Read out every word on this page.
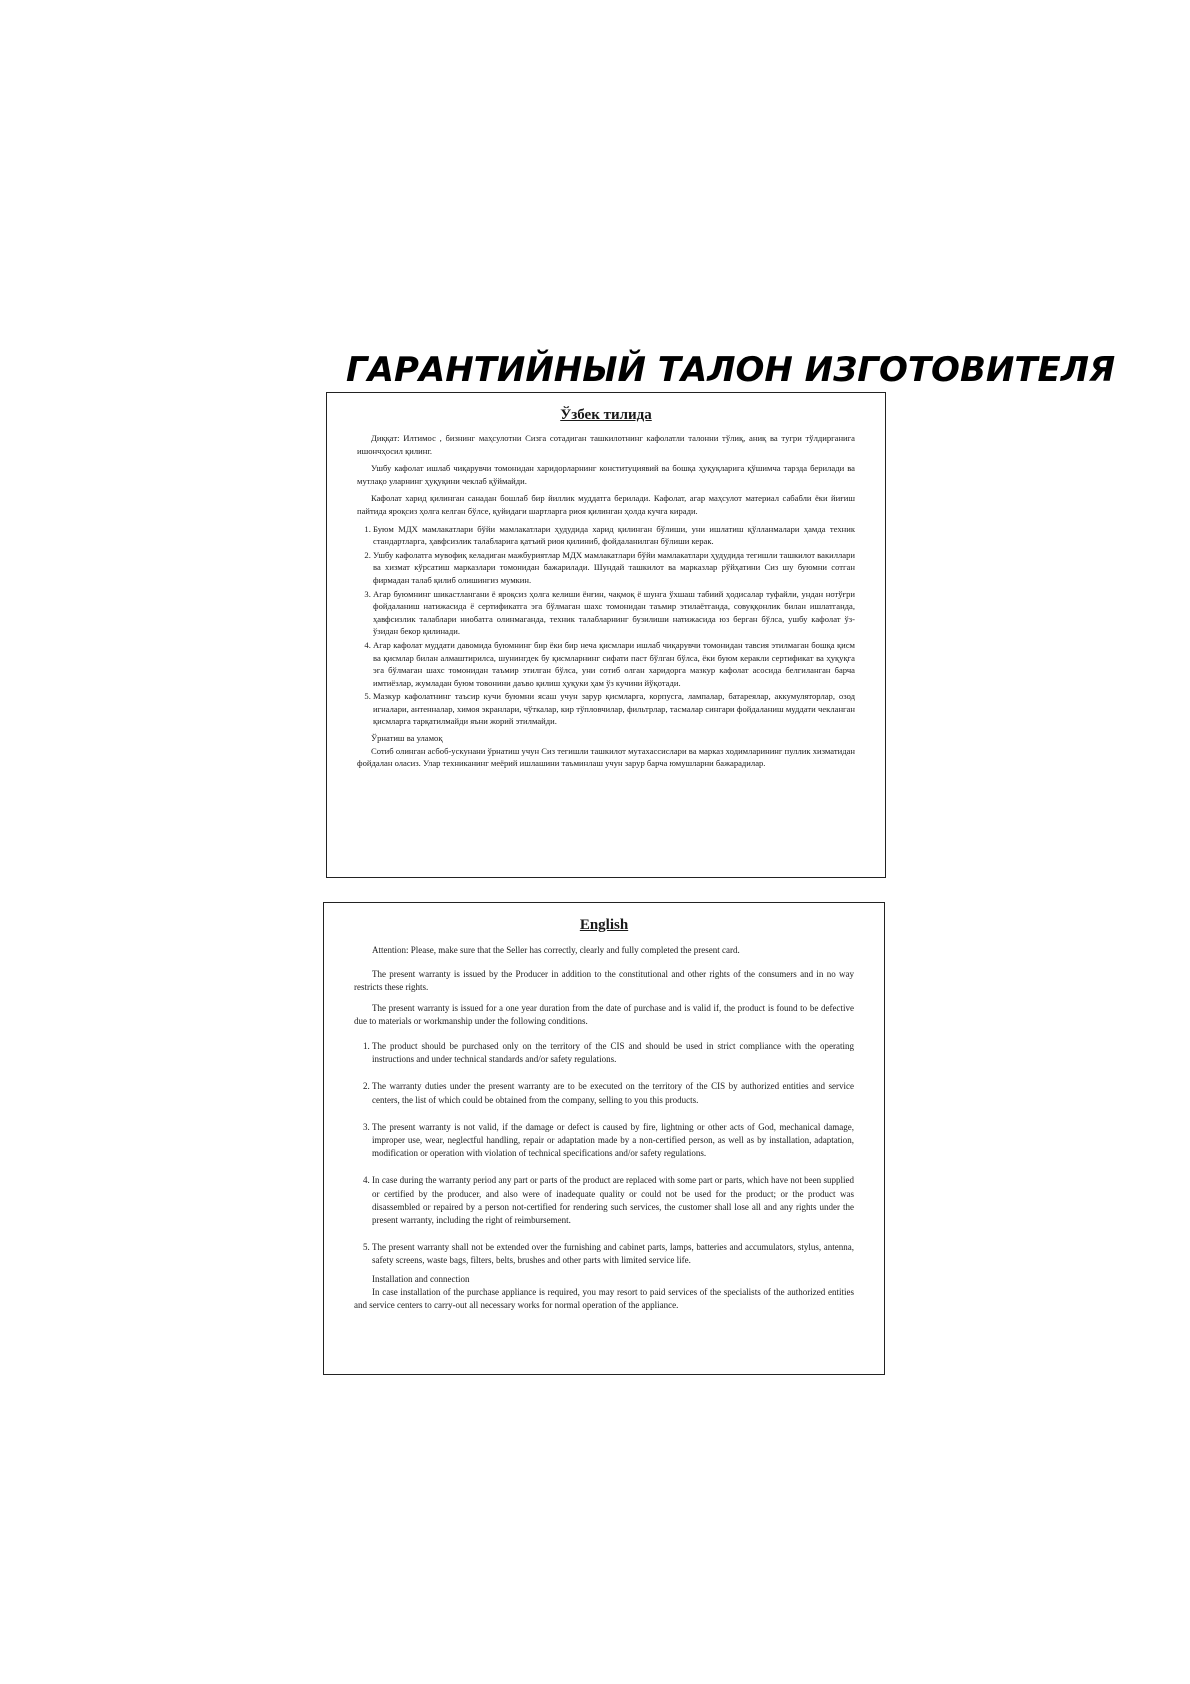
ГАРАНТИЙНЫЙ ТАЛОН ИЗГОТОВИТЕЛЯ
Ўзбек тилида

Диққат: Илтимос , бизнинг маҳсулотни Сизга сотадиган ташкилотнинг кафолатли талонни тўлиқ, аниқ ва тугри тўлдирганига ишончҳосил қилинг.

Ушбу кафолат ишлаб чиқарувчи томонидан харидорларнинг конституциявий ва бошқа ҳуқуқларига қўшимча тарзда берилади ва мутлақо уларнинг ҳуқуқини чеклаб қўймайди.

Кафолат харид қилинган санадан бошлаб бир йиллик муддатга берилади. Кафолат, агар маҳсулот материал сабабли ёки йиғиш пайтида яроқсиз ҳолга келган бўлсе, қуйидаги шартларга риоя қилинган ҳолда кучга киради.

1. Буюм МДХ мамлакатлари бўйи мамлакатлари ҳудудида харид қилинган бўлиши, уни ишлатиш қўлланмалари ҳамда техник стандартларга, ҳавфсизлик талабларига қатъий риоя қилиниб, фойдаланилган бўлиши керак.
2. Ушбу кафолатга мувофиқ келадиган мажбуриятлар МДХ мамлакатлари бўйи мамлакатлари ҳудудида тегишли ташкилот вакиллари ва хизмат кўрсатиш марказлари томонидан бажарилади. Шундай ташкилот ва марказлар рўйҳатини Сиз шу буюмни сотган фирмадан талаб қилиб олишингиз мумкин.
3. Агар буюмнинг шикастлангани ё яроқсиз ҳолга келиши ёнғин, чақмоқ ё шунга ўхшаш табиий ҳодисалар туфайли, ундан нотўғри фойдаланиш натижасида ё сертификатга эга бўлмаган шахс томонидан таъмир этилаётганда, совуққонлик билан ишлатганда, ҳавфсизлик талаблари ниобатга олинмаганда, техник талабларнинг бузилиши натижасида юз берган бўлса, ушбу кафолат ўз-ўзидан бекор қилинади.
4. Агар кафолат муддати давомида буюмнинг бир ёки бир неча қисмлари ишлаб чиқарувчи томонидан тавсия этилмаган бошқа қисм ва қисмлар билан алмаштирилса, шунингдек бу қисмларнинг сифати паст бўлган бўлса, ёки буюм керакли сертификат ва ҳуқуқга эга бўлмаган шахс томонидан таъмир этилган бўлса, уни сотиб олган харидорга мазкур кафолат асосида белгиланган барча имтиёзлар, жумладан буюм товонини даъво қилиш ҳуқуки ҳам ўз кучини йўқотади.
5. Мазкур кафолатнинг таъсир кучи буюмни ясаш учун зарур қисмларга, корпусга, лампалар, батареялар, аккумуляторлар, озод игналари, антенналар, химоя экранлари, чўткалар, кир тўпловчилар, фильтрлар, тасмалар сингари фойдаланиш муддати чекланган қисмларга тарқатилмайди яъни жорий этилмайди.

Ўрнатиш ва уламоқ

Сотиб олинган асбоб-ускунани ўрнатиш учун Сиз тегишли ташкилот мутахассислари ва марказ ходимларининг пуллик хизматидан фойдалан оласиз. Улар техниканинг меёрий ишлашини таъминлаш учун зарур барча юмушларни бажарадилар.

English

Attention: Please, make sure that the Seller has correctly, clearly and fully completed the present card.

The present warranty is issued by the Producer in addition to the constitutional and other rights of the consumers and in no way restricts these rights.

The present warranty is issued for a one year duration from the date of purchase and is valid if, the product is found to be defective due to materials or workmanship under the following conditions.

1. The product should be purchased only on the territory of the CIS and should be used in strict compliance with the operating instructions and under technical standards and/or safety regulations.
2. The warranty duties under the present warranty are to be executed on the territory of the CIS by authorized entities and service centers, the list of which could be obtained from the company, selling to you this products.
3. The present warranty is not valid, if the damage or defect is caused by fire, lightning or other acts of God, mechanical damage, improper use, wear, neglectful handling, repair or adaptation made by a non-certified person, as well as by installation, adaptation, modification or operation with violation of technical specifications and/or safety regulations.
4. In case during the warranty period any part or parts of the product are replaced with some part or parts, which have not been supplied or certified by the producer, and also were of inadequate quality or could not be used for the product; or the product was disassembled or repaired by a person not-certified for rendering such services, the customer shall lose all and any rights under the present warranty, including the right of reimbursement.
5. The present warranty shall not be extended over the furnishing and cabinet parts, lamps, batteries and accumulators, stylus, antenna, safety screens, waste bags, filters, belts, brushes and other parts with limited service life.

Installation and connection

In case installation of the purchase appliance is required, you may resort to paid services of the specialists of the authorized entities and service centers to carry-out all necessary works for normal operation of the appliance.
